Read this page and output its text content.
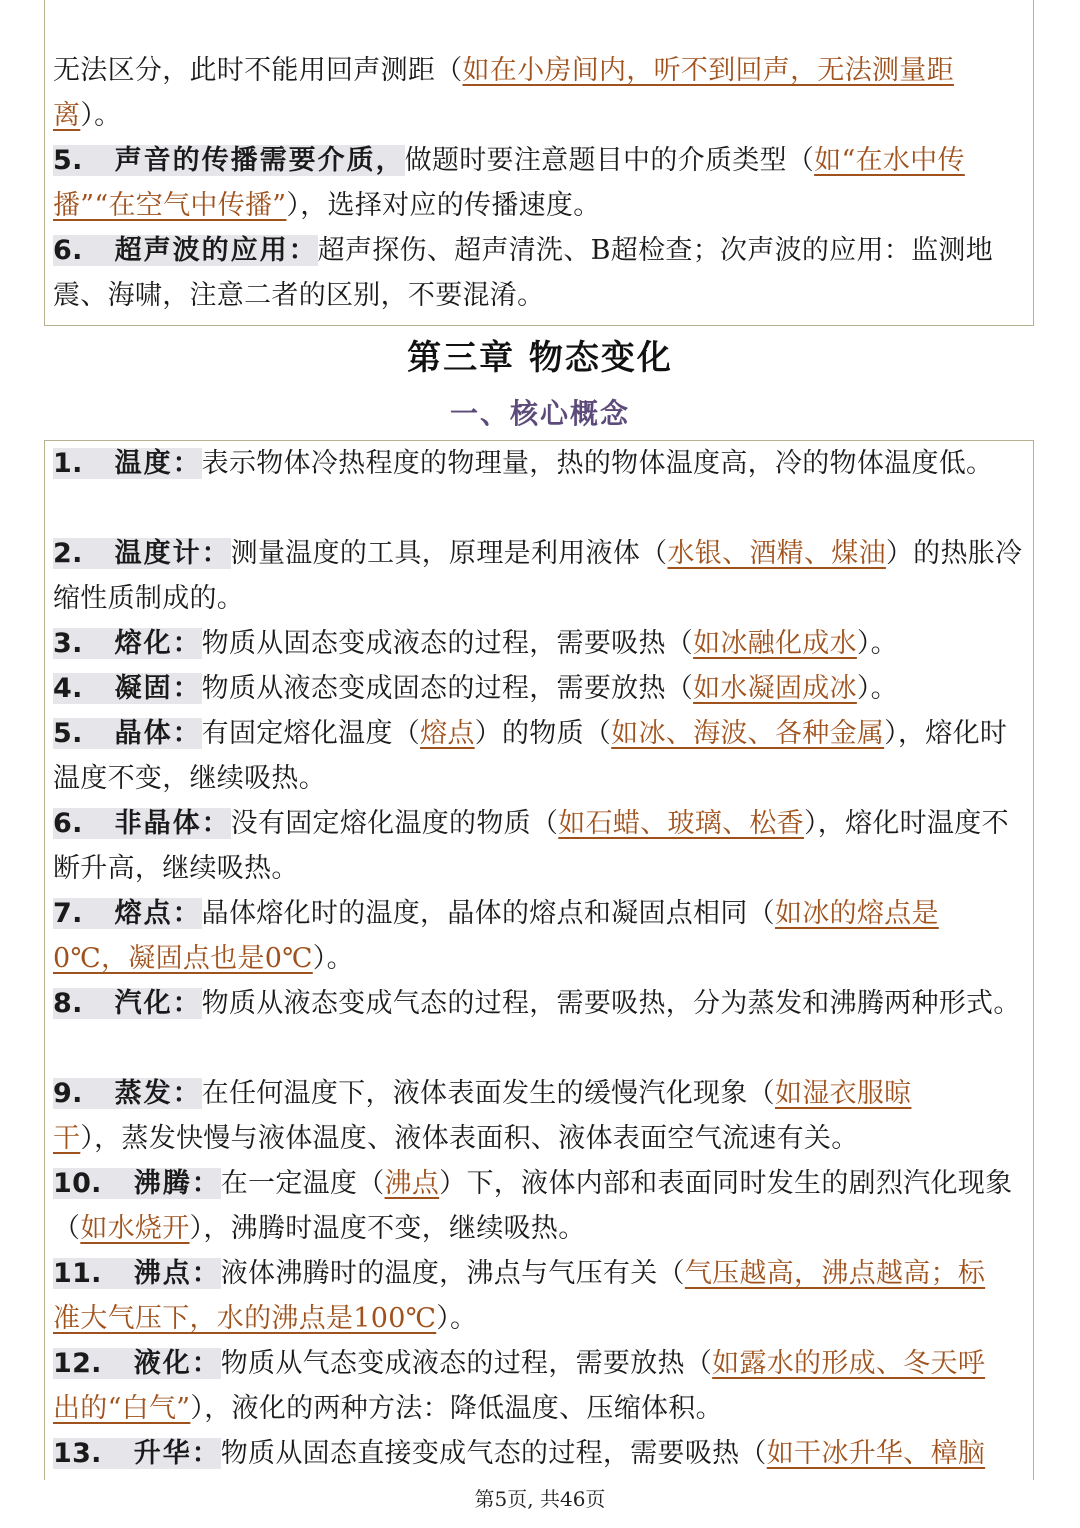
无法区分，此时不能用回声测距（如在小房间内，听不到回声，无法测量距
离）。
5. 声音的传播需要介质，做题时要注意题目中的介质类型（如“在水中传
播”“在空气中传播”），选择对应的传播速度。
6. 超声波的应用：超声探伤、超声清洗、B超检查；次声波的应用：监测地震、海啸，注意二者的区别，不要混淆。
第三章 物态变化
一、核心概念
1. 温度：表示物体冷热程度的物理量，热的物体温度高，冷的物体温度低。
2. 温度计：测量温度的工具，原理是利用液体（水银、酒精、煤油）的热胀冷缩性质制成的。
3. 熔化：物质从固态变成液态的过程，需要吸热（如冰融化成水）。
4. 凝固：物质从液态变成固态的过程，需要放热（如水凝固成冰）。
5. 晶体：有固定熔化温度（熔点）的物质（如冰、海波、各种金属），熔化时温度不变，继续吸热。
6. 非晶体：没有固定熔化温度的物质（如石蜡、玻璃、松香），熔化时温度不断升高，继续吸热。
7. 熔点：晶体熔化时的温度，晶体的熔点和凝固点相同（如冰的熔点是
0℃，凝固点也是0℃）。
8. 汽化：物质从液态变成气态的过程，需要吸热，分为蒸发和沸腾两种形式。
9. 蒸发：在任何温度下，液体表面发生的缓慢汽化现象（如湿衣服晾
干），蒸发快慢与液体温度、液体表面积、液体表面空气流速有关。
10. 沸腾：在一定温度（沸点）下，液体内部和表面同时发生的剧烈汽化现象（如水烧开），沸腾时温度不变，继续吸热。
11. 沸点：液体沸腾时的温度，沸点与气压有关（气压越高，沸点越高；标
准大气压下，水的沸点是100℃）。
12. 液化：物质从气态变成液态的过程，需要放热（如露水的形成、冬天呼
出的“白气”），液化的两种方法：降低温度、压缩体积。
13. 升华：物质从固态直接变成气态的过程，需要吸热（如干冰升华、樟脑
第5页, 共46页
